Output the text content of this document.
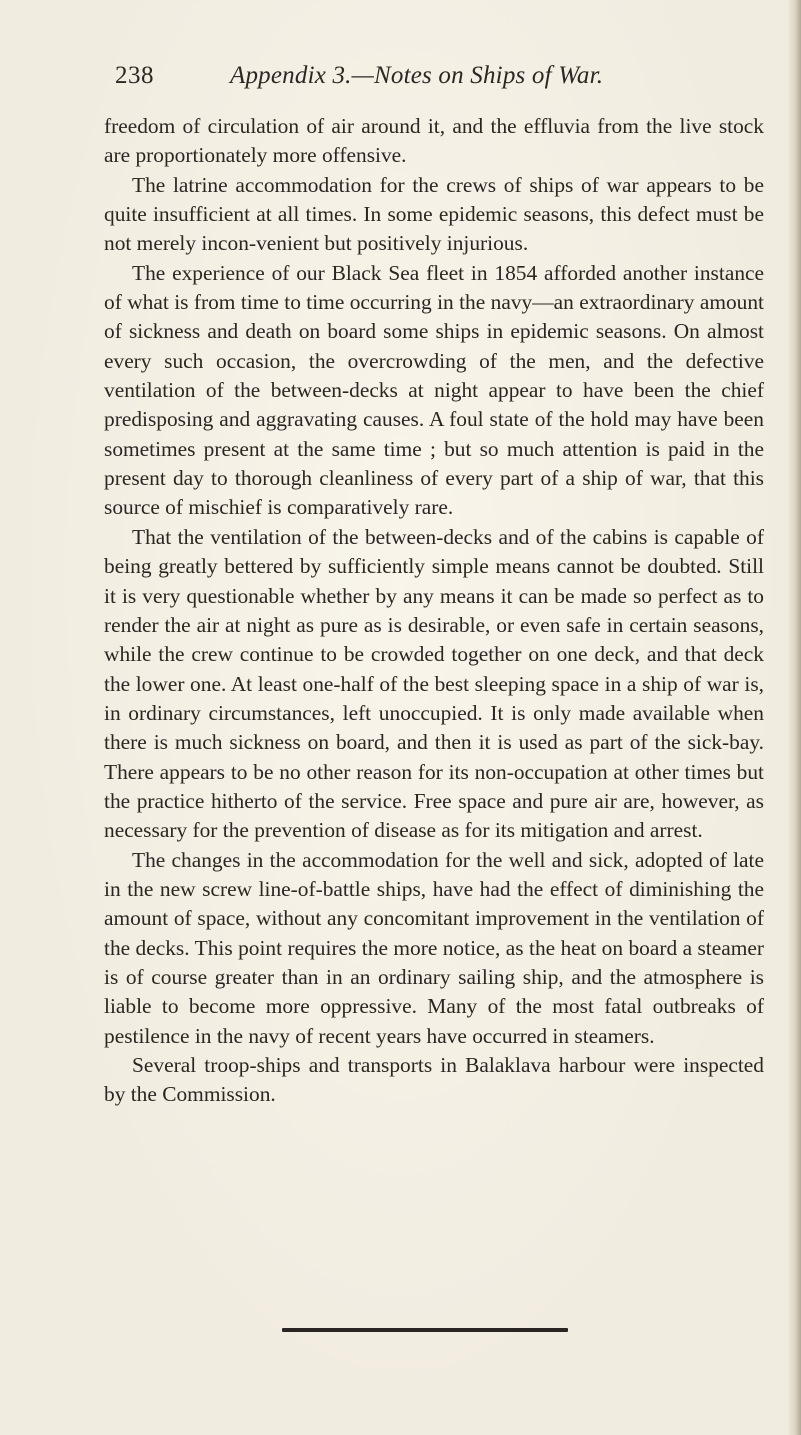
238	Appendix 3.—Notes on Ships of War.

freedom of circulation of air around it, and the effluvia from the live stock are proportionately more offensive.

The latrine accommodation for the crews of ships of war appears to be quite insufficient at all times. In some epidemic seasons, this defect must be not merely incon-venient but positively injurious.

The experience of our Black Sea fleet in 1854 afforded another instance of what is from time to time occurring in the navy—an extraordinary amount of sickness and death on board some ships in epidemic seasons. On almost every such occasion, the overcrowding of the men, and the defective ventilation of the between-decks at night appear to have been the chief predisposing and aggravating causes. A foul state of the hold may have been sometimes present at the same time ; but so much attention is paid in the present day to thorough cleanliness of every part of a ship of war, that this source of mischief is comparatively rare.

That the ventilation of the between-decks and of the cabins is capable of being greatly bettered by sufficiently simple means cannot be doubted. Still it is very questionable whether by any means it can be made so perfect as to render the air at night as pure as is desirable, or even safe in certain seasons, while the crew continue to be crowded together on one deck, and that deck the lower one. At least one-half of the best sleeping space in a ship of war is, in ordinary circumstances, left unoccupied. It is only made available when there is much sickness on board, and then it is used as part of the sick-bay. There appears to be no other reason for its non-occupation at other times but the practice hitherto of the service. Free space and pure air are, however, as necessary for the prevention of disease as for its mitigation and arrest.

The changes in the accommodation for the well and sick, adopted of late in the new screw line-of-battle ships, have had the effect of diminishing the amount of space, without any concomitant improvement in the ventilation of the decks. This point requires the more notice, as the heat on board a steamer is of course greater than in an ordinary sailing ship, and the atmosphere is liable to become more oppressive. Many of the most fatal outbreaks of pestilence in the navy of recent years have occurred in steamers.

Several troop-ships and transports in Balaklava harbour were inspected by the Commission.
